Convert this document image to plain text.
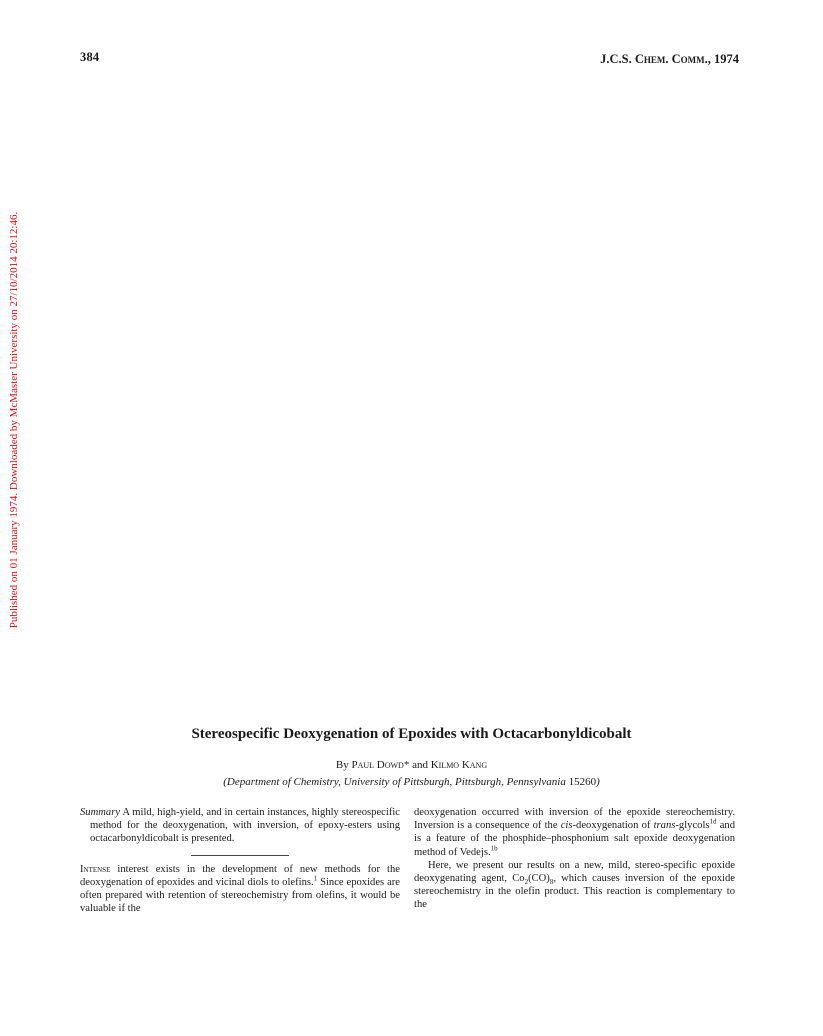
384	J.C.S. Chem. Comm., 1974
Published on 01 January 1974. Downloaded by McMaster University on 27/10/2014 20:12:46.
Stereospecific Deoxygenation of Epoxides with Octacarbonyldicobalt
By Paul Dowd* and Kilmo Kang
(Department of Chemistry, University of Pittsburgh, Pittsburgh, Pennsylvania 15260)

Summary A mild, high-yield, and in certain instances, highly stereospecific method for the deoxygenation, with inversion, of epoxy-esters using octacarbonyldicobalt is presented.

Intense interest exists in the development of new methods for the deoxygenation of epoxides and vicinal diols to olefins.$^1$ Since epoxides are often prepared with retention of stereochemistry from olefins, it would be valuable if the

deoxygenation occurred with inversion of the epoxide stereochemistry. Inversion is a consequence of the cis-deoxygenation of trans-glycols$^{1d}$ and is a feature of the phosphide–phosphonium salt epoxide deoxygenation method of Vedejs.$^{1b}$

Here, we present our results on a new, mild, stereo-specific epoxide deoxygenating agent, $Co_2(CO)_8$, which causes inversion of the epoxide stereochemistry in the olefin product. This reaction is complementary to the
